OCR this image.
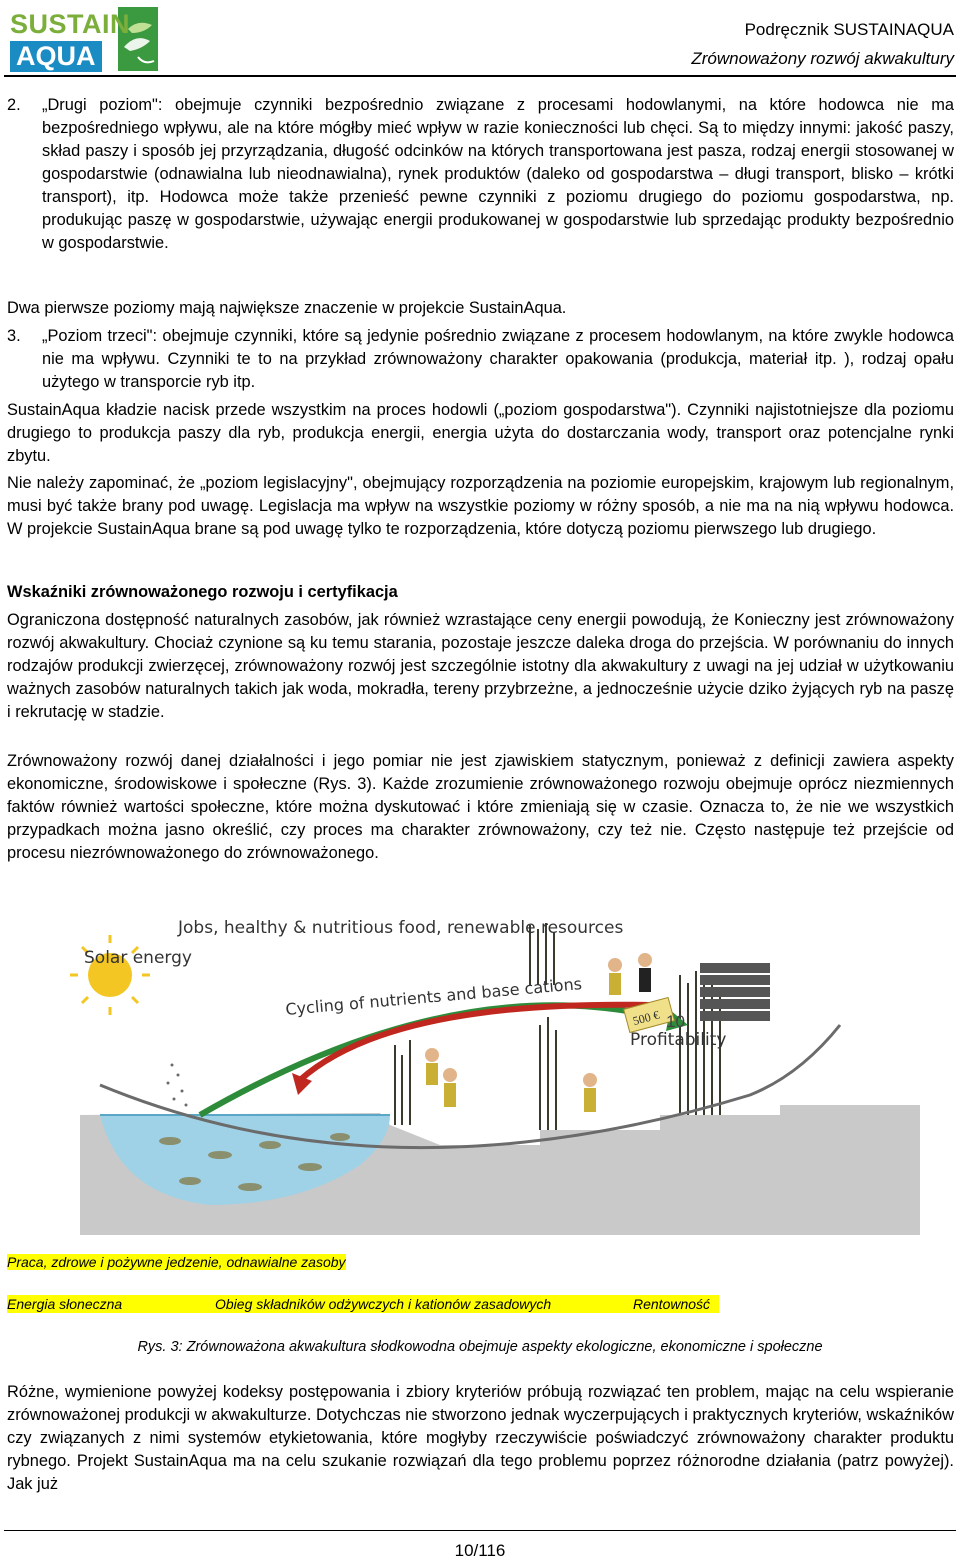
SUSTAIN
AQUA
Podręcznik SUSTAINAQUA
Zrównoważony rozwój akwakultury
2. „Drugi poziom": obejmuje czynniki bezpośrednio związane z procesami hodowlanymi, na które hodowca nie ma bezpośredniego wpływu, ale na które mógłby mieć wpływ w razie konieczności lub chęci. Są to między innymi: jakość paszy, skład paszy i sposób jej przyrządzania, długość odcinków na których transportowana jest pasza, rodzaj energii stosowanej w gospodarstwie (odnawialna lub nieodnawialna), rynek produktów (daleko od gospodarstwa – długi transport, blisko – krótki transport), itp. Hodowca może także przenieść pewne czynniki z poziomu drugiego do poziomu gospodarstwa, np. produkując paszę w gospodarstwie, używając energii produkowanej w gospodarstwie lub sprzedając produkty bezpośrednio w gospodarstwie.
Dwa pierwsze poziomy mają największe znaczenie w projekcie SustainAqua.
3. „Poziom trzeci": obejmuje czynniki, które są jedynie pośrednio związane z procesem hodowlanym, na które zwykle hodowca nie ma wpływu. Czynniki te to na przykład zrównoważony charakter opakowania (produkcja, materiał itp. ), rodzaj opału użytego w transporcie ryb itp.
SustainAqua kładzie nacisk przede wszystkim na proces hodowli („poziom gospodarstwa"). Czynniki najistotniejsze dla poziomu drugiego to produkcja paszy dla ryb, produkcja energii, energia użyta do dostarczania wody, transport oraz potencjalne rynki zbytu.
Nie należy zapominać, że „poziom legislacyjny", obejmujący rozporządzenia na poziomie europejskim, krajowym lub regionalnym, musi być także brany pod uwagę. Legislacja ma wpływ na wszystkie poziomy w różny sposób, a nie ma na nią wpływu hodowca. W projekcie SustainAqua brane są pod uwagę tylko te rozporządzenia, które dotyczą poziomu pierwszego lub drugiego.
Wskaźniki zrównoważonego rozwoju i certyfikacja
Ograniczona dostępność naturalnych zasobów, jak również wzrastające ceny energii powodują, że Konieczny jest zrównoważony rozwój akwakultury. Chociaż czynione są ku temu starania, pozostaje jeszcze daleka droga do przejścia. W porównaniu do innych rodzajów produkcji zwierzęcej, zrównoważony rozwój jest szczególnie istotny dla akwakultury z uwagi na jej udział w użytkowaniu ważnych zasobów naturalnych takich jak woda, mokradła, tereny przybrzeżne, a jednocześnie użycie dziko żyjących ryb na paszę i rekrutację w stadzie.
Zrównoważony rozwój danej działalności i jego pomiar nie jest zjawiskiem statycznym, ponieważ z definicji zawiera aspekty ekonomiczne, środowiskowe i społeczne (Rys. 3). Każde zrozumienie zrównoważonego rozwoju obejmuje oprócz niezmiennych faktów również wartości społeczne, które można dyskutować i które zmieniają się w czasie. Oznacza to, że nie we wszystkich przypadkach można jasno określić, czy proces ma charakter zrównoważony, czy też nie. Często następuje też przejście od procesu niezrównoważonego do zrównoważonego.
500 € 10
Jobs, healthy & nutritious food, renewable resources
Solar energy
Cycling of nutrients and base cations
Profitability
Praca, zdrowe i pożywne jedzenie, odnawialne zasoby
Energia słoneczna	Obieg składników odżywczych i kationów zasadowych	Rentowność
Rys. 3: Zrównoważona akwakultura słodkowodna obejmuje aspekty ekologiczne, ekonomiczne i społeczne
Różne, wymienione powyżej kodeksy postępowania i zbiory kryteriów próbują rozwiązać ten problem, mając na celu wspieranie zrównoważonej produkcji w akwakulturze. Dotychczas nie stworzono jednak wyczerpujących i praktycznych kryteriów, wskaźników czy związanych z nimi systemów etykietowania, które mogłyby rzeczywiście poświadczyć zrównoważony charakter produktu rybnego. Projekt SustainAqua ma na celu szukanie rozwiązań dla tego problemu poprzez różnorodne działania (patrz powyżej). Jak już
10/116
